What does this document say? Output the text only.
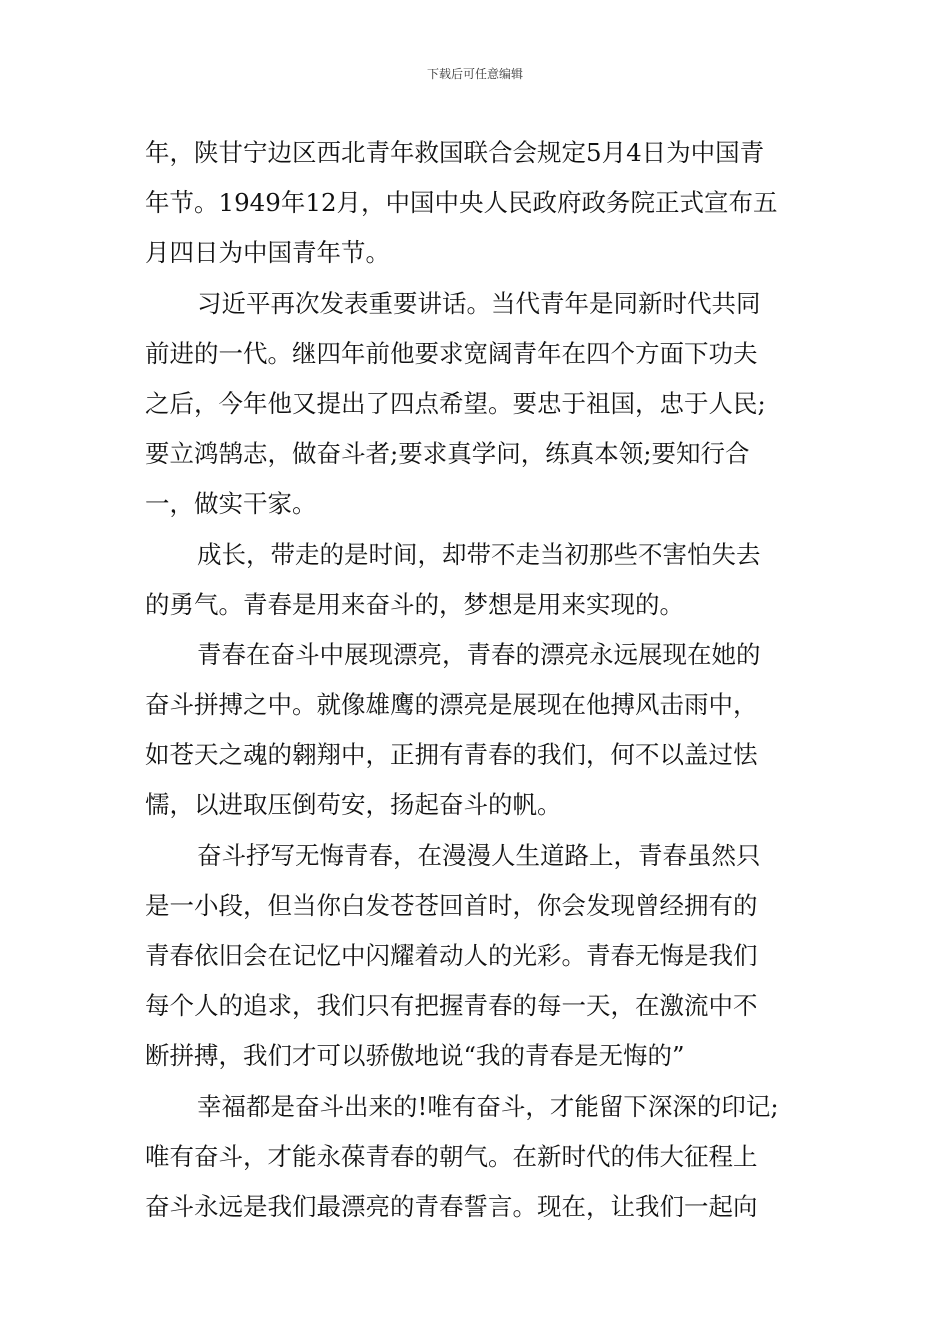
下载后可任意编辑
年，陕甘宁边区西北青年救国联合会规定5月4日为中国青
年节。1949年12月，中国中央人民政府政务院正式宣布五
月四日为中国青年节。
习近平再次发表重要讲话。当代青年是同新时代共同
前进的一代。继四年前他要求宽阔青年在四个方面下功夫
之后，今年他又提出了四点希望。要忠于祖国，忠于人民;
要立鸿鹄志，做奋斗者;要求真学问，练真本领;要知行合
一，做实干家。
成长，带走的是时间，却带不走当初那些不害怕失去
的勇气。青春是用来奋斗的，梦想是用来实现的。
青春在奋斗中展现漂亮，青春的漂亮永远展现在她的
奋斗拼搏之中。就像雄鹰的漂亮是展现在他搏风击雨中，
如苍天之魂的翱翔中，正拥有青春的我们，何不以盖过怯
懦，以进取压倒苟安，扬起奋斗的帆。
奋斗抒写无悔青春，在漫漫人生道路上，青春虽然只
是一小段，但当你白发苍苍回首时，你会发现曾经拥有的
青春依旧会在记忆中闪耀着动人的光彩。青春无悔是我们
每个人的追求，我们只有把握青春的每一天，在激流中不
断拼搏，我们才可以骄傲地说“我的青春是无悔的”
幸福都是奋斗出来的!唯有奋斗，才能留下深深的印记;
唯有奋斗，才能永葆青春的朝气。在新时代的伟大征程上
奋斗永远是我们最漂亮的青春誓言。现在，让我们一起向
